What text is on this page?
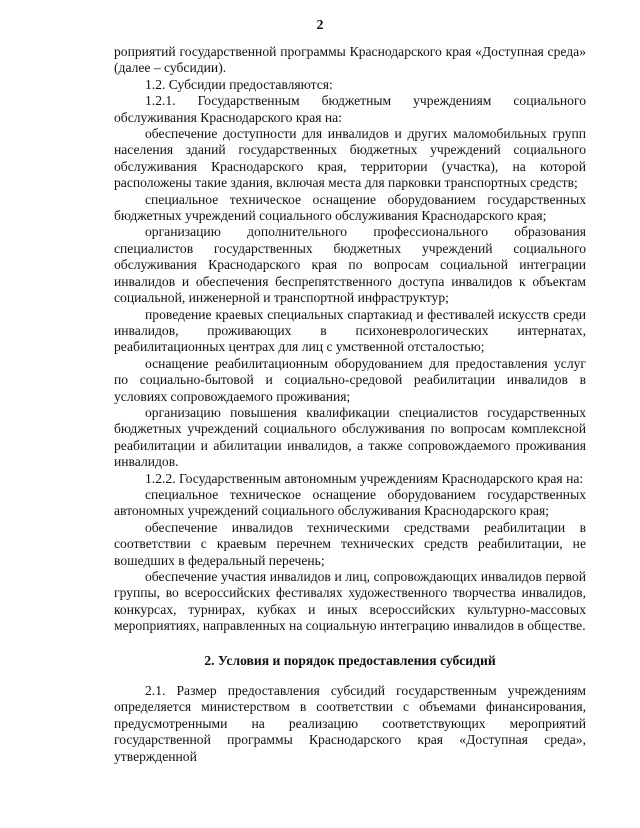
2

роприятий государственной программы Краснодарского края «Доступная среда» (далее – субсидии).

1.2. Субсидии предоставляются:

1.2.1. Государственным бюджетным учреждениям социального обслуживания Краснодарского края на:

обеспечение доступности для инвалидов и других маломобильных групп населения зданий государственных бюджетных учреждений социального обслуживания Краснодарского края, территории (участка), на которой расположены такие здания, включая места для парковки транспортных средств;

специальное техническое оснащение оборудованием государственных бюджетных учреждений социального обслуживания Краснодарского края;

организацию дополнительного профессионального образования специалистов государственных бюджетных учреждений социального обслуживания Краснодарского края по вопросам социальной интеграции инвалидов и обеспечения беспрепятственного доступа инвалидов к объектам социальной, инженерной и транспортной инфраструктур;

проведение краевых специальных спартакиад и фестивалей искусств среди инвалидов, проживающих в психоневрологических интернатах, реабилитационных центрах для лиц с умственной отсталостью;

оснащение реабилитационным оборудованием для предоставления услуг по социально-бытовой и социально-средовой реабилитации инвалидов в условиях сопровождаемого проживания;

организацию повышения квалификации специалистов государственных бюджетных учреждений социального обслуживания по вопросам комплексной реабилитации и абилитации инвалидов, а также сопровождаемого проживания инвалидов.

1.2.2. Государственным автономным учреждениям Краснодарского края на:

специальное техническое оснащение оборудованием государственных автономных учреждений социального обслуживания Краснодарского края;

обеспечение инвалидов техническими средствами реабилитации в соответствии с краевым перечнем технических средств реабилитации, не вошедших в федеральный перечень;

обеспечение участия инвалидов и лиц, сопровождающих инвалидов первой группы, во всероссийских фестивалях художественного творчества инвалидов, конкурсах, турнирах, кубках и иных всероссийских культурно-массовых мероприятиях, направленных на социальную интеграцию инвалидов в обществе.

2. Условия и порядок предоставления субсидий

2.1. Размер предоставления субсидий государственным учреждениям определяется министерством в соответствии с объемами финансирования, предусмотренными на реализацию соответствующих мероприятий государственной программы Краснодарского края «Доступная среда», утвержденной
